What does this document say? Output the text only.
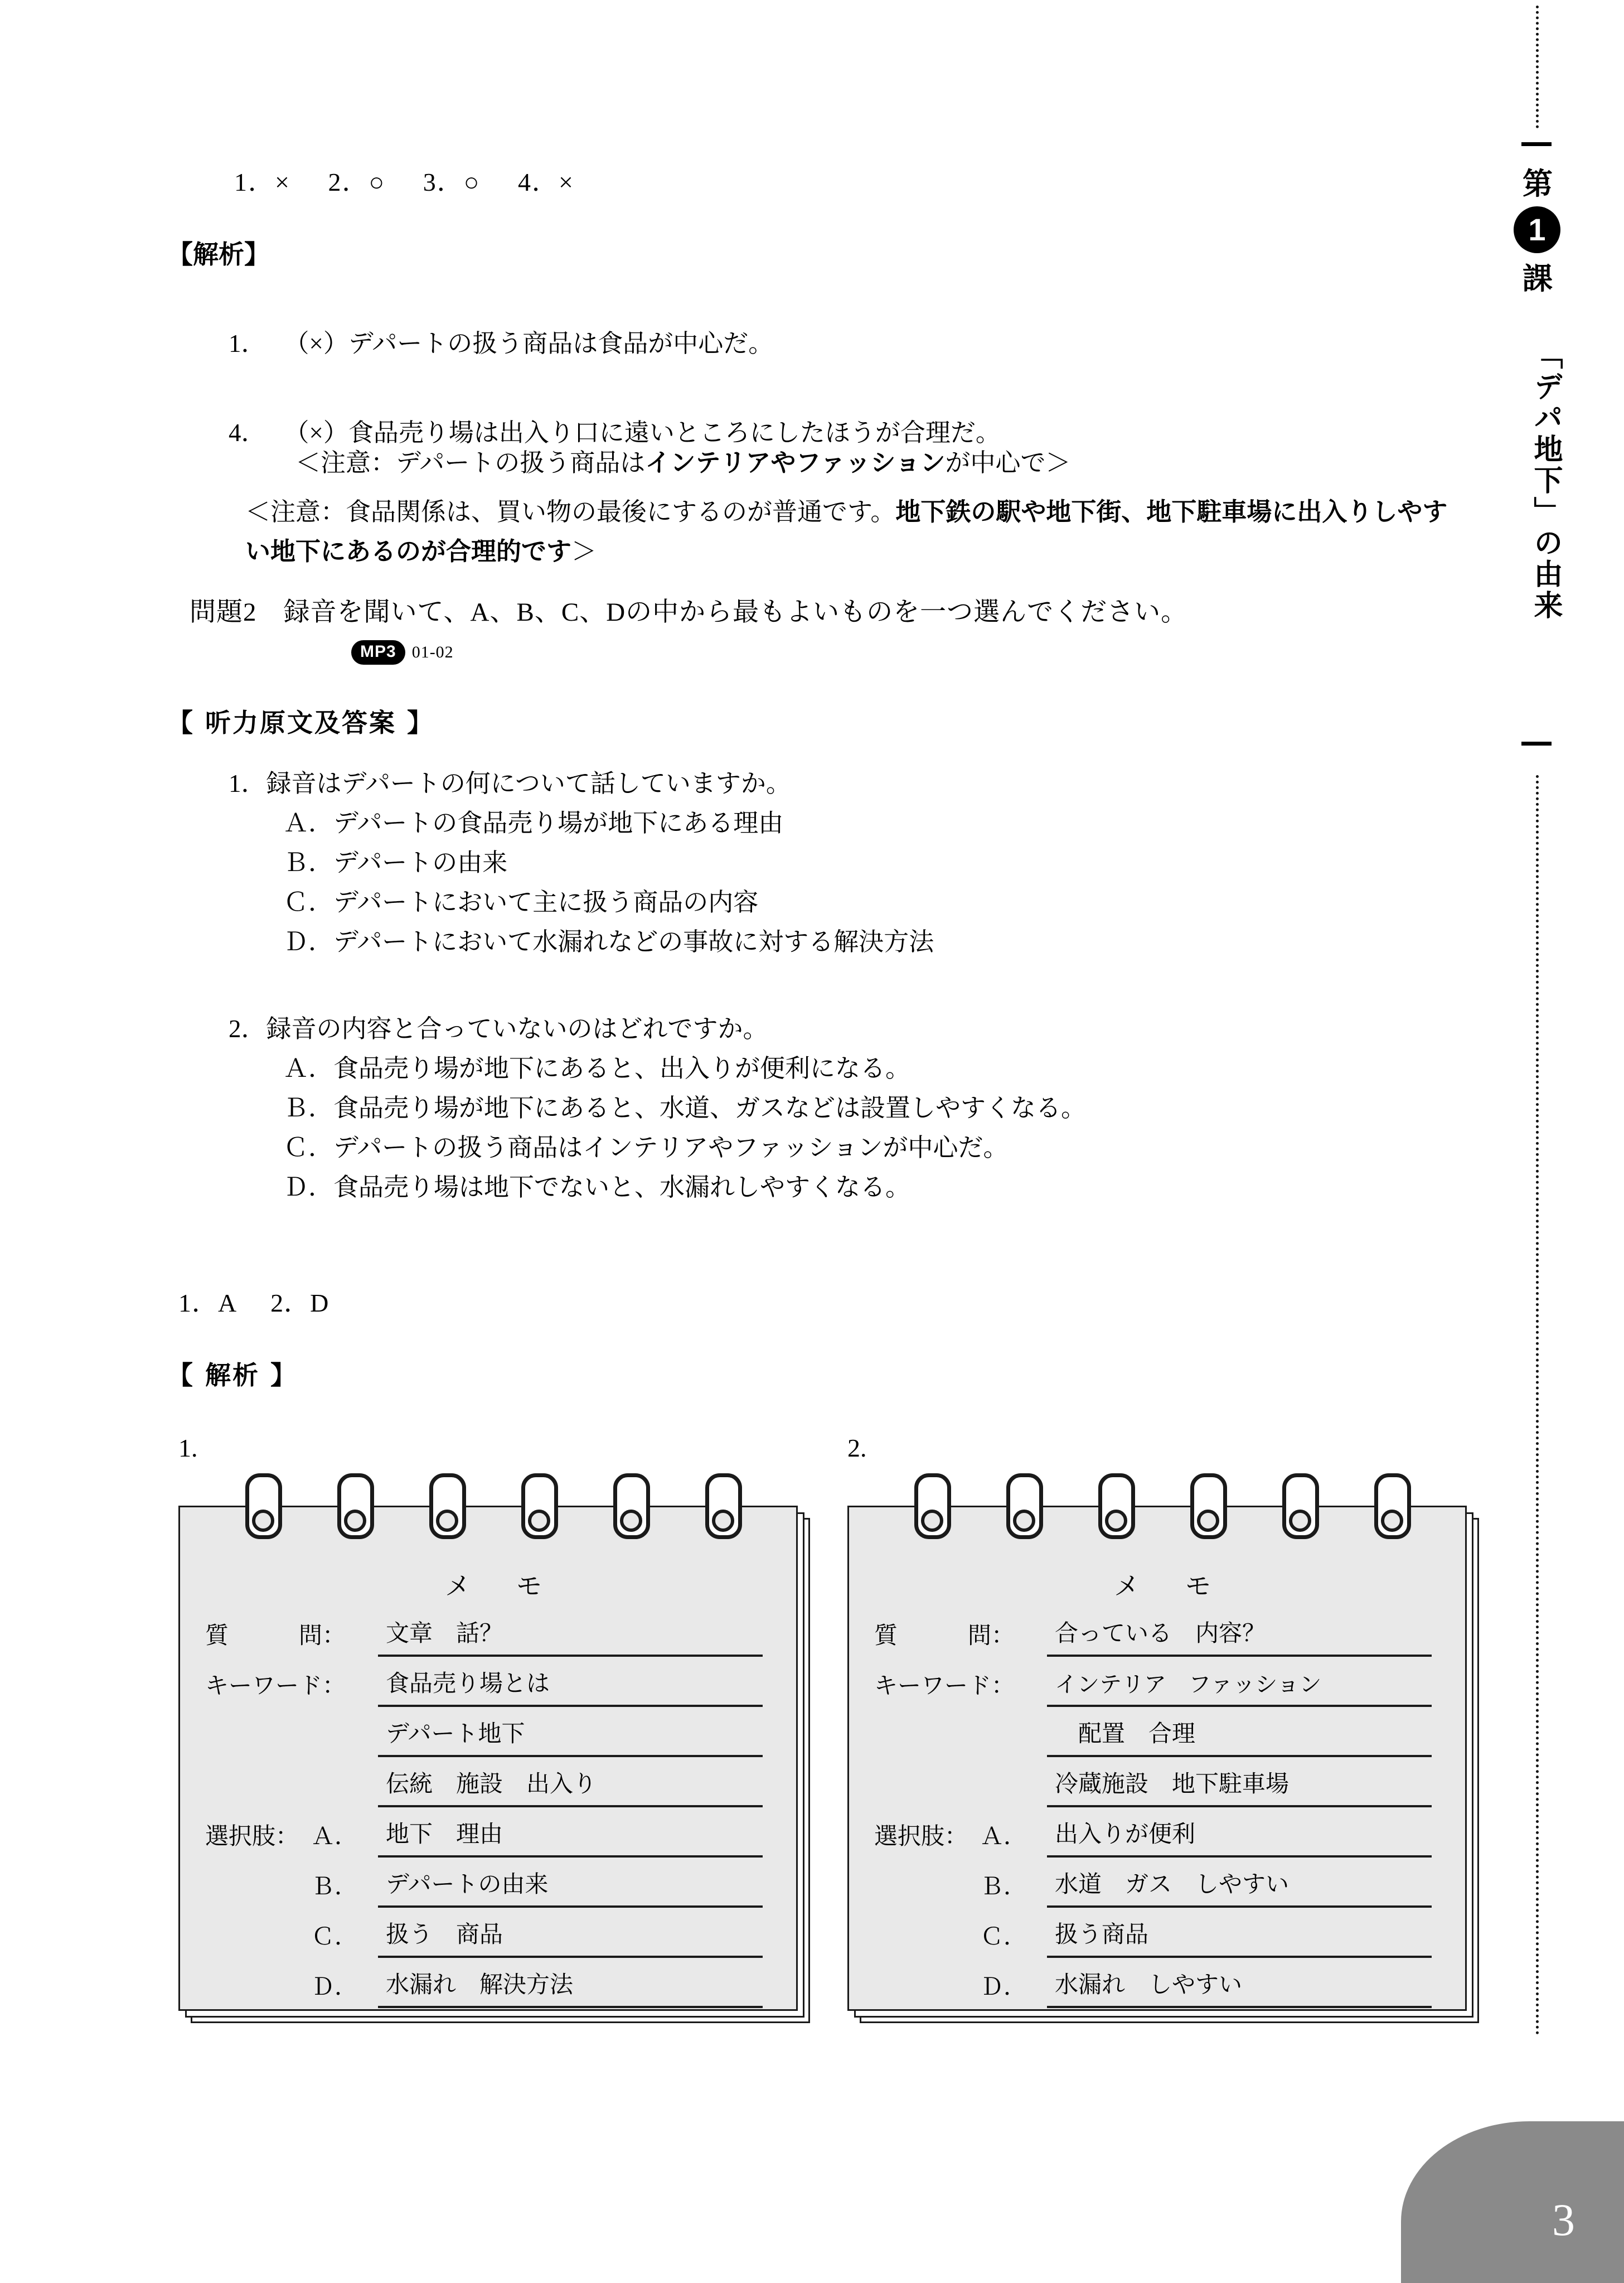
第
1
課
「デパ地下」の由来
1．×     2．○     3．○     4．×
【解析】

1． （×）デパートの扱う商品は食品が中心だ。

＜注意：デパートの扱う商品はインテリアやファッションが中心で＞

4． （×）食品売り場は出入り口に遠いところにしたほうが合理だ。

＜注意：食品関係は、買い物の最後にするのが普通です。地下鉄の駅や地下街、地下駐車場に出入りしやすい地下にあるのが合理的です＞
問題2　録音を聞いて、A、B、C、Dの中から最もよいものを一つ選んでください。
MP3 01-02
【 听力原文及答案 】
1．録音はデパートの何について話していますか。
Ａ．デパートの食品売り場が地下にある理由
Ｂ．デパートの由来
Ｃ．デパートにおいて主に扱う商品の内容
Ｄ．デパートにおいて水漏れなどの事故に対する解決方法
2．録音の内容と合っていないのはどれですか。
Ａ．食品売り場が地下にあると、出入りが便利になる。
Ｂ．食品売り場が地下にあると、水道、ガスなどは設置しやすくなる。
Ｃ．デパートの扱う商品はインテリアやファッションが中心だ。
Ｄ．食品売り場は地下でないと、水漏れしやすくなる。
1．A     2．D
【 解析 】
1.	2.
メ　モ
質　　　問：	文章　話？
キーワード：	食品売り場とは
デパート地下
伝統　施設　出入り
選択肢： Ａ．	地下　理由
Ｂ．	デパートの由来
Ｃ．	扱う　商品
Ｄ．	水漏れ　解決方法
メ　モ
質　　　問：	合っている　内容？
キーワード：	インテリア　ファッション
　配置　合理
冷蔵施設　地下駐車場
選択肢： Ａ．	出入りが便利
Ｂ．	水道　ガス　しやすい
Ｃ．	扱う商品
Ｄ．	水漏れ　しやすい
3
